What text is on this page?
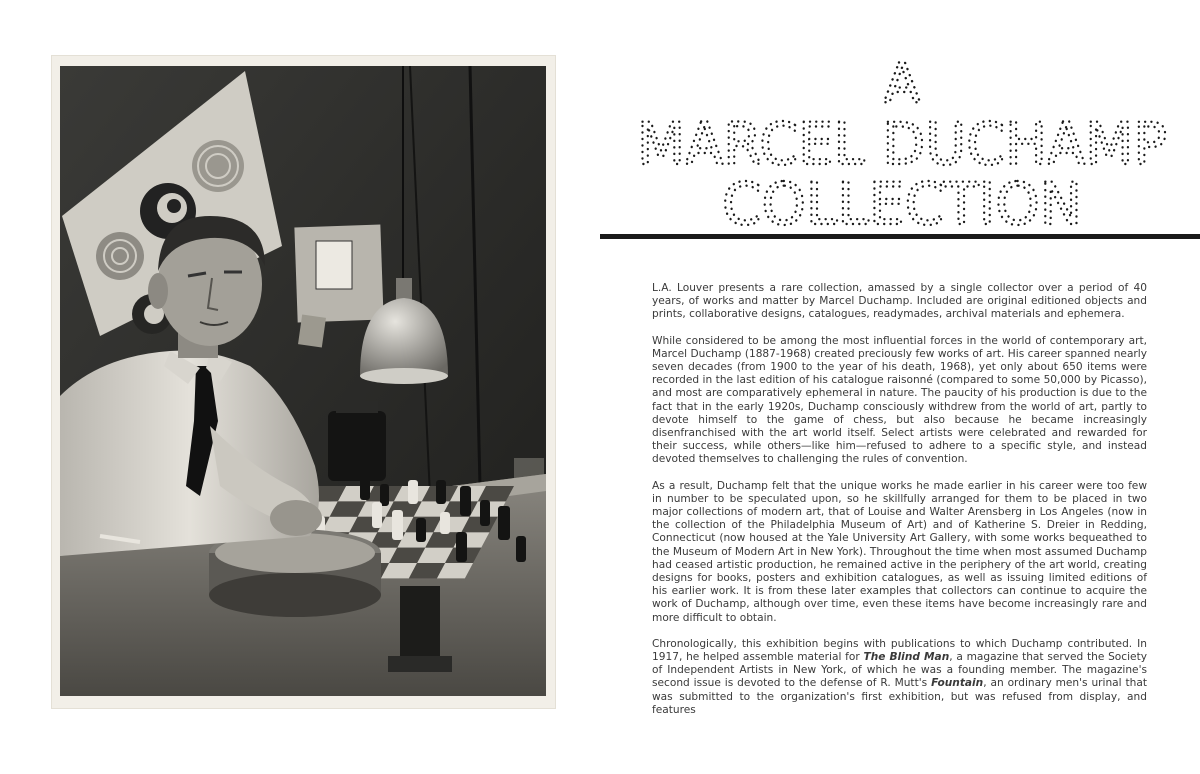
A
MARCEL DUCHAMP
COLLECTION

L.A. Louver presents a rare collection, amassed by a single collector over a period of 40 years, of works and matter by Marcel Duchamp. Included are original editioned objects and prints, collaborative designs, catalogues, readymades, archival materials and ephemera.

While considered to be among the most influential forces in the world of contemporary art, Marcel Duchamp (1887-1968) created preciously few works of art. His career spanned nearly seven decades (from 1900 to the year of his death, 1968), yet only about 650 items were recorded in the last edition of his catalogue raisonné (compared to some 50,000 by Picasso), and most are comparatively ephemeral in nature. The paucity of his production is due to the fact that in the early 1920s, Duchamp consciously withdrew from the world of art, partly to devote himself to the game of chess, but also because he became increasingly disenfranchised with the art world itself. Select artists were celebrated and rewarded for their success, while others—like him—refused to adhere to a specific style, and instead devoted themselves to challenging the rules of convention.

As a result, Duchamp felt that the unique works he made earlier in his career were too few in number to be speculated upon, so he skillfully arranged for them to be placed in two major collections of modern art, that of Louise and Walter Arensberg in Los Angeles (now in the collection of the Philadelphia Museum of Art) and of Katherine S. Dreier in Redding, Connecticut (now housed at the Yale University Art Gallery, with some works bequeathed to the Museum of Modern Art in New York). Throughout the time when most assumed Duchamp had ceased artistic production, he remained active in the periphery of the art world, creating designs for books, posters and exhibition catalogues, as well as issuing limited editions of his earlier work. It is from these later examples that collectors can continue to acquire the work of Duchamp, although over time, even these items have become increasingly rare and more difficult to obtain.

Chronologically, this exhibition begins with publications to which Duchamp contributed. In 1917, he helped assemble material for The Blind Man, a magazine that served the Society of Independent Artists in New York, of which he was a founding member. The magazine's second issue is devoted to the defense of R. Mutt's Fountain, an ordinary men's urinal that was submitted to the organization's first exhibition, but was refused from display, and features
